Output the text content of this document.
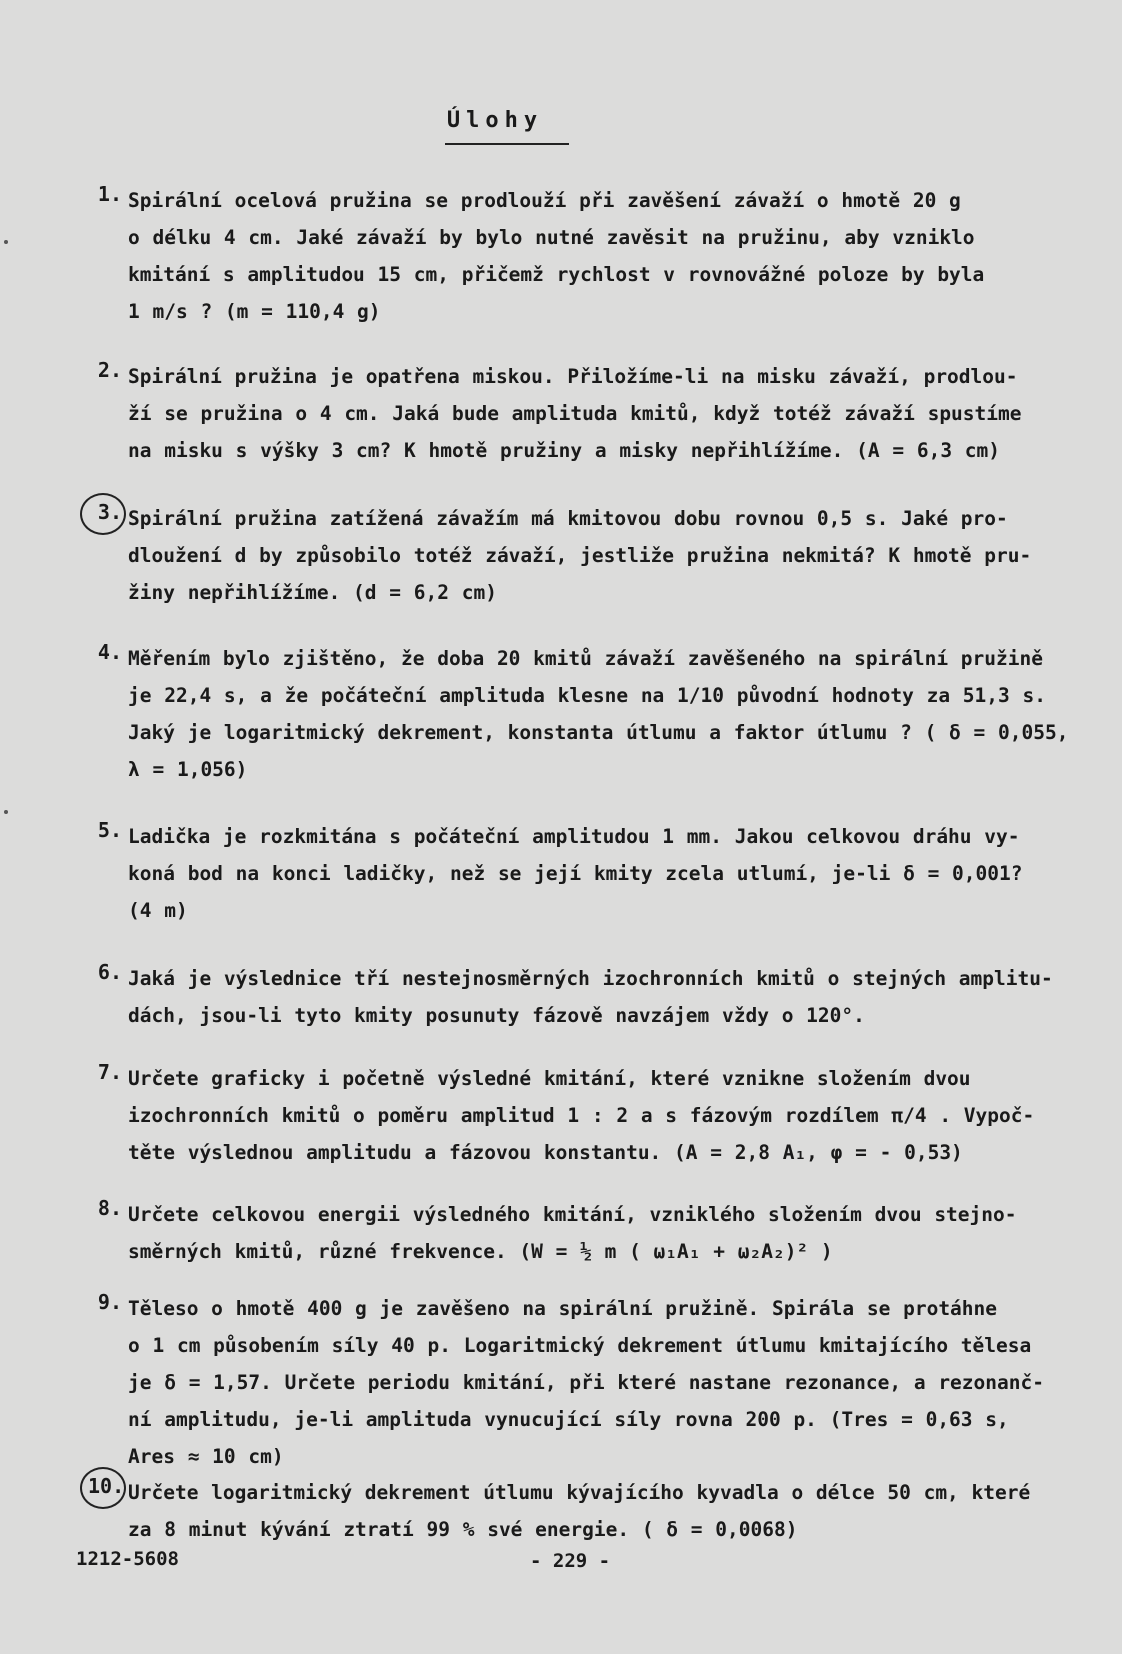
Úlohy
1. Spirální ocelová pružina se prodlouží při zavěšení závaží o hmotě 20 g
o délku 4 cm. Jaké závaží by bylo nutné zavěsit na pružinu, aby vzniklo
kmitání s amplitudou 15 cm, přičemž rychlost v rovnovážné poloze by byla
1 m/s ? (m = 110,4 g)
2. Spirální pružina je opatřena miskou. Přiložíme-li na misku závaží, prodlou-
ží se pružina o 4 cm. Jaká bude amplituda kmitů, když totéž závaží spustíme
na misku s výšky 3 cm? K hmotě pružiny a misky nepřihlížíme. (A = 6,3 cm)
3. Spirální pružina zatížená závažím má kmitovou dobu rovnou 0,5 s. Jaké pro-
dloužení d by způsobilo totéž závaží, jestliže pružina nekmitá? K hmotě pru-
žiny nepřihlížíme. (d = 6,2 cm)
4. Měřením bylo zjištěno, že doba 20 kmitů závaží zavěšeného na spirální pružině
je 22,4 s, a že počáteční amplituda klesne na 1/10 původní hodnoty za 51,3 s.
Jaký je logaritmický dekrement, konstanta útlumu a faktor útlumu ? ( δ = 0,055,
λ = 1,056)
5. Ladička je rozkmitána s počáteční amplitudou 1 mm. Jakou celkovou dráhu vy-
koná bod na konci ladičky, než se její kmity zcela utlumí, je-li δ = 0,001?
(4 m)
6. Jaká je výslednice tří nestejnosměrných izochronních kmitů o stejných amplitu-
dách, jsou-li tyto kmity posunuty fázově navzájem vždy o 120°.
7. Určete graficky i početně výsledné kmitání, které vznikne složením dvou
izochronních kmitů o poměru amplitud 1 : 2 a s fázovým rozdílem π/4 . Vypoč-
těte výslednou amplitudu a fázovou konstantu. (A = 2,8 A₁, φ = - 0,53)
8. Určete celkovou energii výsledného kmitání, vzniklého složením dvou stejno-
směrných kmitů, různé frekvence. (W = ½ m ( ω₁A₁ + ω₂A₂)² )
9. Těleso o hmotě 400 g je zavěšeno na spirální pružině. Spirála se protáhne
o 1 cm působením síly 40 p. Logaritmický dekrement útlumu kmitajícího tělesa
je δ = 1,57. Určete periodu kmitání, při které nastane rezonance, a rezonanč-
ní amplitudu, je-li amplituda vynucující síly rovna 200 p. (Tres = 0,63 s,
Ares ≈ 10 cm)
10. Určete logaritmický dekrement útlumu kývajícího kyvadla o délce 50 cm, které
za 8 minut kývání ztratí 99 % své energie. ( δ = 0,0068)
1212-5608	- 229 -
